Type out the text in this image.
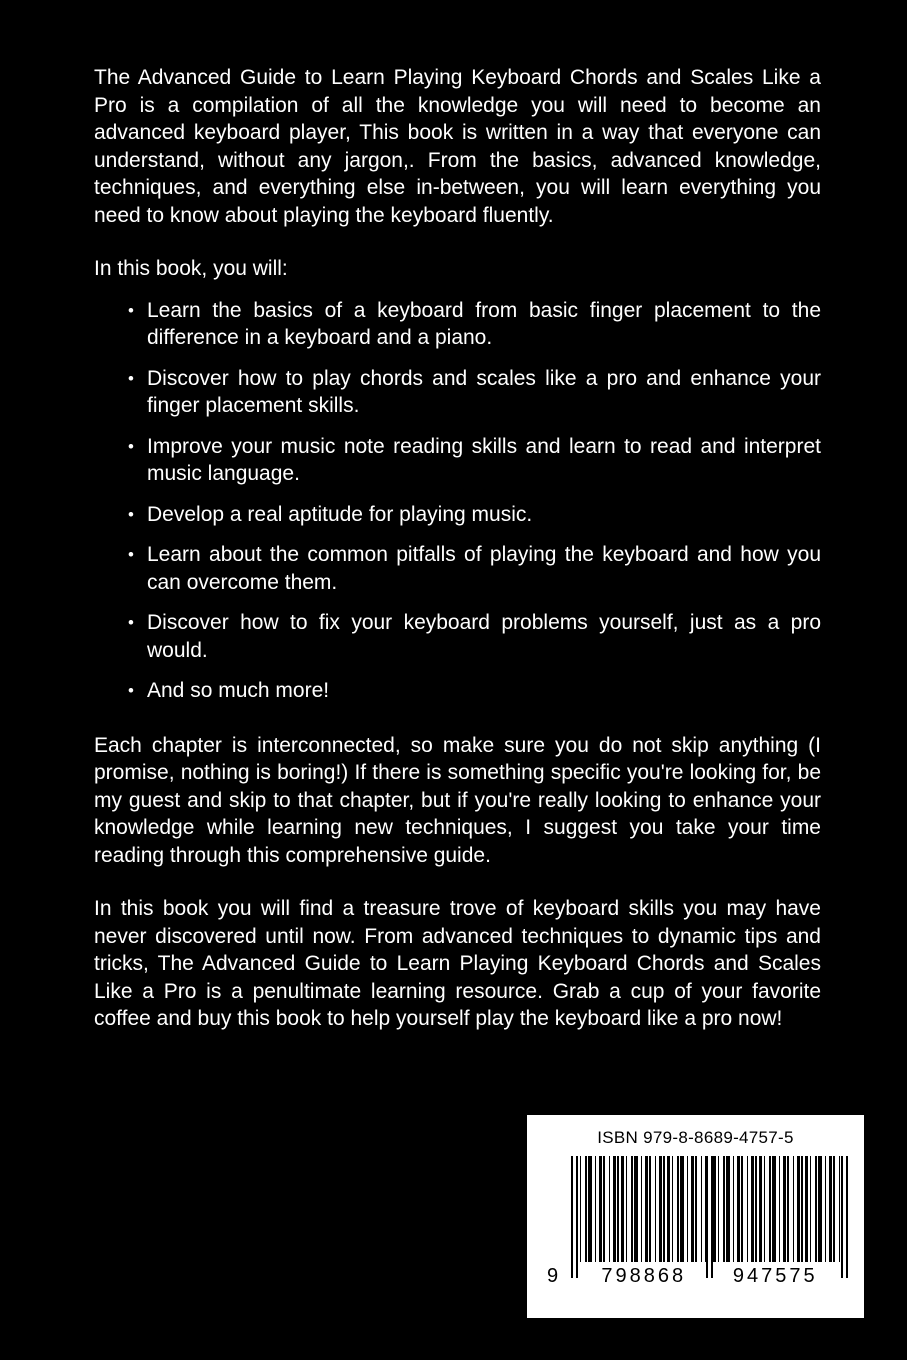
The Advanced Guide to Learn Playing Keyboard Chords and Scales Like a Pro is a compilation of all the knowledge you will need to become an advanced keyboard player, This book is written in a way that everyone can understand, without any jargon,. From the basics, advanced knowledge, techniques, and everything else in-between, you will learn everything you need to know about playing the keyboard fluently.

In this book, you will:

• Learn the basics of a keyboard from basic finger placement to the difference in a keyboard and a piano.
• Discover how to play chords and scales like a pro and enhance your finger placement skills.
• Improve your music note reading skills and learn to read and interpret music language.
• Develop a real aptitude for playing music.
• Learn about the common pitfalls of playing the keyboard and how you can overcome them.
• Discover how to fix your keyboard problems yourself, just as a pro would.
• And so much more!

Each chapter is interconnected, so make sure you do not skip anything (I promise, nothing is boring!) If there is something specific you're looking for, be my guest and skip to that chapter, but if you're really looking to enhance your knowledge while learning new techniques, I suggest you take your time reading through this comprehensive guide.

In this book you will find a treasure trove of keyboard skills you may have never discovered until now. From advanced techniques to dynamic tips and tricks, The Advanced Guide to Learn Playing Keyboard Chords and Scales Like a Pro is a penultimate learning resource. Grab a cup of your favorite coffee and buy this book to help yourself play the keyboard like a pro now!

ISBN 979-8-8689-4757-5
9	798868	947575
